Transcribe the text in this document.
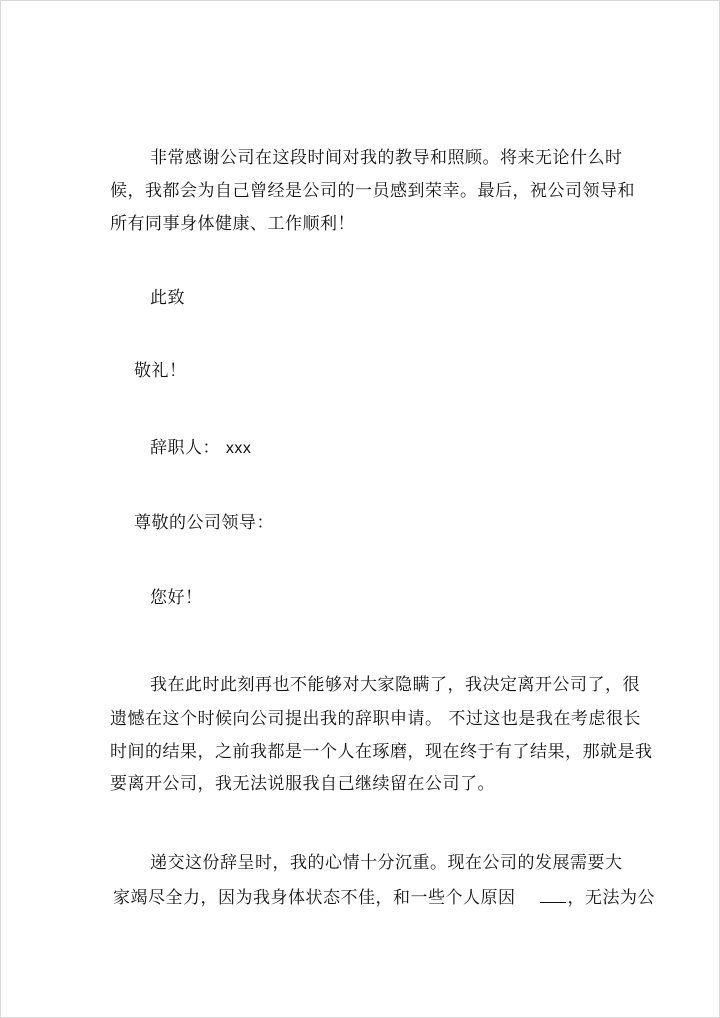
非常感谢公司在这段时间对我的教导和照顾。将来无论什么时
候，我都会为自己曾经是公司的一员感到荣幸。最后，祝公司领导和
所有同事身体健康、工作顺利！
此致
敬礼！
辞职人： xxx
尊敬的公司领导：
您好！
我在此时此刻再也不能够对大家隐瞒了，我决定离开公司了，很
遗憾在这个时候向公司提出我的辞职申请。 不过这也是我在考虑很长
时间的结果，之前我都是一个人在琢磨，现在终于有了结果，那就是我
要离开公司，我无法说服我自己继续留在公司了。
递交这份辞呈时，我的心情十分沉重。现在公司的发展需要大
家竭尽全力，因为我身体状态不佳，和一些个人原因	，无法为公
